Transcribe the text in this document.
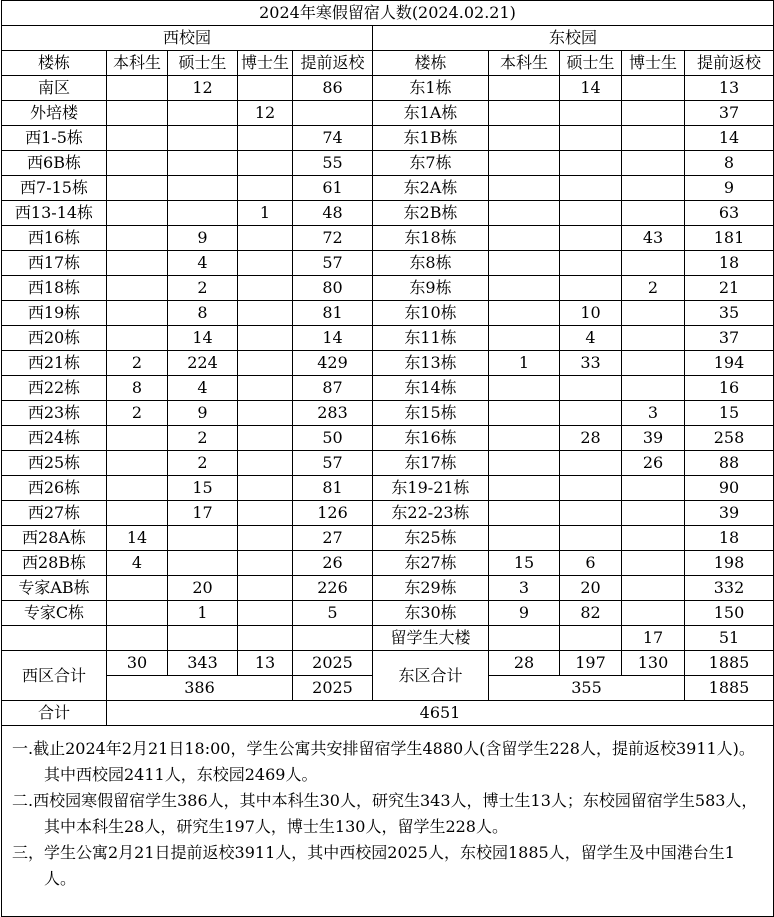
2024年寒假留宿人数(2024.02.21)									
西校园					东校园				
楼栋	本科生	硕士生	博士生	提前返校	楼栋	本科生	硕士生	博士生	提前返校
南区		12		86	东1栋		14		13
外培楼			12		东1A栋				37
西1-5栋				74	东1B栋				14
西6B栋				55	东7栋				8
西7-15栋				61	东2A栋				9
西13-14栋			1	48	东2B栋				63
西16栋		9		72	东18栋			43	181
西17栋		4		57	东8栋				18
西18栋		2		80	东9栋			2	21
西19栋		8		81	东10栋		10		35
西20栋		14		14	东11栋		4		37
西21栋	2	224		429	东13栋	1	33		194
西22栋	8	4		87	东14栋				16
西23栋	2	9		283	东15栋			3	15
西24栋		2		50	东16栋		28	39	258
西25栋		2		57	东17栋			26	88
西26栋		15		81	东19-21栋				90
西27栋		17		126	东22-23栋				39
西28A栋	14			27	东25栋				18
西28B栋	4			26	东27栋	15	6		198
专家AB栋		20		226	东29栋	3	20		332
专家C栋		1		5	东30栋	9	82		150
					留学生大楼			17	51
西区合计	30	343	13	2025	东区合计	28	197	130	1885
	386			2025		355			1885
合计	4651								

一.截止2024年2月21日18:00，学生公寓共安排留宿学生4880人(含留学生228人，提前返校3911人)。其中西校园2411人，东校园2469人。

二.西校园寒假留宿学生386人，其中本科生30人，研究生343人，博士生13人；东校园留宿学生583人，其中本科生28人，研究生197人，博士生130人，留学生228人。

三，学生公寓2月21日提前返校3911人，其中西校园2025人，东校园1885人，留学生及中国港台生1人。									
